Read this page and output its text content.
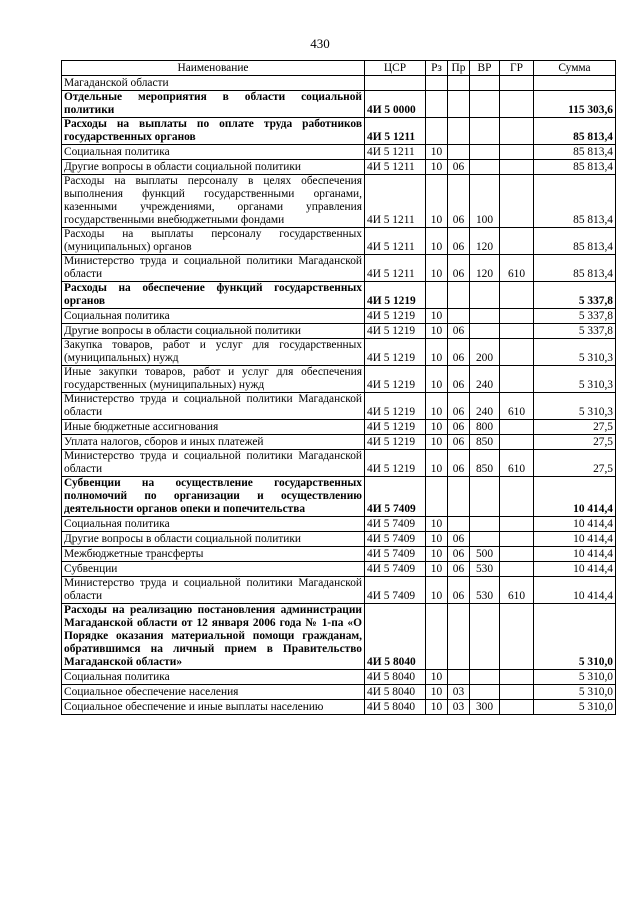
430
Наименование	ЦСР	Рз	Пр	ВР	ГР	Сумма
Магаданской области						
Отдельные мероприятия в области социальной политики	4И 5 0000					115 303,6
Расходы на выплаты по оплате труда работников государственных органов	4И 5 1211					85 813,4
Социальная политика	4И 5 1211	10				85 813,4
Другие вопросы в области социальной политики	4И 5 1211	10	06			85 813,4
Расходы на выплаты персоналу в целях обеспечения выполнения функций государственными органами, казенными учреждениями, органами управления государственными внебюджетными фондами	4И 5 1211	10	06	100		85 813,4
Расходы на выплаты персоналу государственных (муниципальных) органов	4И 5 1211	10	06	120		85 813,4
Министерство труда и социальной политики Магаданской области	4И 5 1211	10	06	120	610	85 813,4
Расходы на обеспечение функций государственных органов	4И 5 1219					5 337,8
Социальная политика	4И 5 1219	10				5 337,8
Другие вопросы в области социальной политики	4И 5 1219	10	06			5 337,8
Закупка товаров, работ и услуг для государственных (муниципальных) нужд	4И 5 1219	10	06	200		5 310,3
Иные закупки товаров, работ и услуг для обеспечения государственных (муниципальных) нужд	4И 5 1219	10	06	240		5 310,3
Министерство труда и социальной политики Магаданской области	4И 5 1219	10	06	240	610	5 310,3
Иные бюджетные ассигнования	4И 5 1219	10	06	800		27,5
Уплата налогов, сборов и иных платежей	4И 5 1219	10	06	850		27,5
Министерство труда и социальной политики Магаданской области	4И 5 1219	10	06	850	610	27,5
Субвенции на осуществление государственных полномочий по организации и осуществлению деятельности органов опеки и попечительства	4И 5 7409					10 414,4
Социальная политика	4И 5 7409	10				10 414,4
Другие вопросы в области социальной политики	4И 5 7409	10	06			10 414,4
Межбюджетные трансферты	4И 5 7409	10	06	500		10 414,4
Субвенции	4И 5 7409	10	06	530		10 414,4
Министерство труда и социальной политики Магаданской области	4И 5 7409	10	06	530	610	10 414,4
Расходы на реализацию постановления администрации Магаданской области от 12 января 2006 года № 1-па «О Порядке оказания материальной помощи гражданам, обратившимся на личный прием в Правительство Магаданской области»	4И 5 8040					5 310,0
Социальная политика	4И 5 8040	10				5 310,0
Социальное обеспечение населения	4И 5 8040	10	03			5 310,0
Социальное обеспечение и иные выплаты населению	4И 5 8040	10	03	300		5 310,0
